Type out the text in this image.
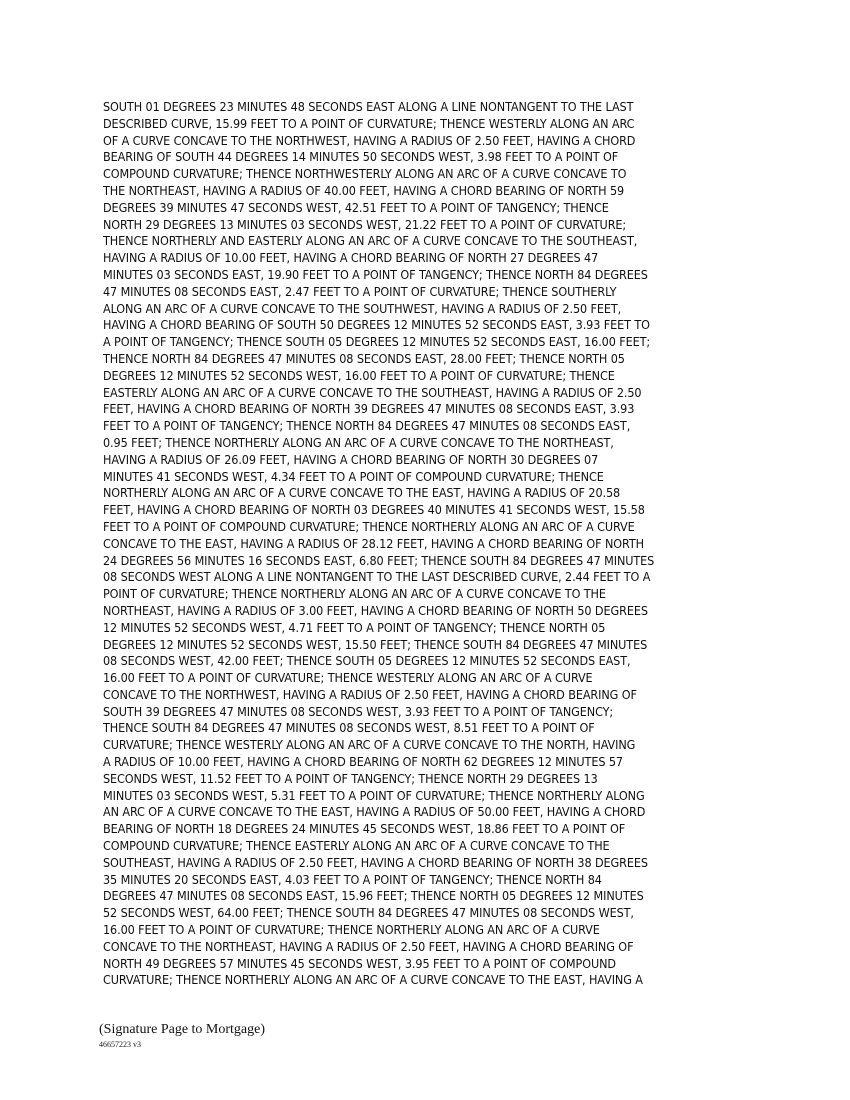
SOUTH 01 DEGREES 23 MINUTES 48 SECONDS EAST ALONG A LINE NONTANGENT TO THE LAST
DESCRIBED CURVE, 15.99 FEET TO A POINT OF CURVATURE; THENCE WESTERLY ALONG AN ARC
OF A CURVE CONCAVE TO THE NORTHWEST, HAVING A RADIUS OF 2.50 FEET, HAVING A CHORD
BEARING OF SOUTH 44 DEGREES 14 MINUTES 50 SECONDS WEST, 3.98 FEET TO A POINT OF
COMPOUND CURVATURE; THENCE NORTHWESTERLY ALONG AN ARC OF A CURVE CONCAVE TO
THE NORTHEAST, HAVING A RADIUS OF 40.00 FEET, HAVING A CHORD BEARING OF NORTH 59
DEGREES 39 MINUTES 47 SECONDS WEST, 42.51 FEET TO A POINT OF TANGENCY; THENCE
NORTH 29 DEGREES 13 MINUTES 03 SECONDS WEST, 21.22 FEET TO A POINT OF CURVATURE;
THENCE NORTHERLY AND EASTERLY ALONG AN ARC OF A CURVE CONCAVE TO THE SOUTHEAST,
HAVING A RADIUS OF 10.00 FEET, HAVING A CHORD BEARING OF NORTH 27 DEGREES 47
MINUTES 03 SECONDS EAST, 19.90 FEET TO A POINT OF TANGENCY; THENCE NORTH 84 DEGREES
47 MINUTES 08 SECONDS EAST, 2.47 FEET TO A POINT OF CURVATURE; THENCE SOUTHERLY
ALONG AN ARC OF A CURVE CONCAVE TO THE SOUTHWEST, HAVING A RADIUS OF 2.50 FEET,
HAVING A CHORD BEARING OF SOUTH 50 DEGREES 12 MINUTES 52 SECONDS EAST, 3.93 FEET TO
A POINT OF TANGENCY; THENCE SOUTH 05 DEGREES 12 MINUTES 52 SECONDS EAST, 16.00 FEET;
THENCE NORTH 84 DEGREES 47 MINUTES 08 SECONDS EAST, 28.00 FEET; THENCE NORTH 05
DEGREES 12 MINUTES 52 SECONDS WEST, 16.00 FEET TO A POINT OF CURVATURE; THENCE
EASTERLY ALONG AN ARC OF A CURVE CONCAVE TO THE SOUTHEAST, HAVING A RADIUS OF 2.50
FEET, HAVING A CHORD BEARING OF NORTH 39 DEGREES 47 MINUTES 08 SECONDS EAST, 3.93
FEET TO A POINT OF TANGENCY; THENCE NORTH 84 DEGREES 47 MINUTES 08 SECONDS EAST,
0.95 FEET; THENCE NORTHERLY ALONG AN ARC OF A CURVE CONCAVE TO THE NORTHEAST,
HAVING A RADIUS OF 26.09 FEET, HAVING A CHORD BEARING OF NORTH 30 DEGREES 07
MINUTES 41 SECONDS WEST, 4.34 FEET TO A POINT OF COMPOUND CURVATURE; THENCE
NORTHERLY ALONG AN ARC OF A CURVE CONCAVE TO THE EAST, HAVING A RADIUS OF 20.58
FEET, HAVING A CHORD BEARING OF NORTH 03 DEGREES 40 MINUTES 41 SECONDS WEST, 15.58
FEET TO A POINT OF COMPOUND CURVATURE; THENCE NORTHERLY ALONG AN ARC OF A CURVE
CONCAVE TO THE EAST, HAVING A RADIUS OF 28.12 FEET, HAVING A CHORD BEARING OF NORTH
24 DEGREES 56 MINUTES 16 SECONDS EAST, 6.80 FEET; THENCE SOUTH 84 DEGREES 47 MINUTES
08 SECONDS WEST ALONG A LINE NONTANGENT TO THE LAST DESCRIBED CURVE, 2.44 FEET TO A
POINT OF CURVATURE; THENCE NORTHERLY ALONG AN ARC OF A CURVE CONCAVE TO THE
NORTHEAST, HAVING A RADIUS OF 3.00 FEET, HAVING A CHORD BEARING OF NORTH 50 DEGREES
12 MINUTES 52 SECONDS WEST, 4.71 FEET TO A POINT OF TANGENCY; THENCE NORTH 05
DEGREES 12 MINUTES 52 SECONDS WEST, 15.50 FEET; THENCE SOUTH 84 DEGREES 47 MINUTES
08 SECONDS WEST, 42.00 FEET; THENCE SOUTH 05 DEGREES 12 MINUTES 52 SECONDS EAST,
16.00 FEET TO A POINT OF CURVATURE; THENCE WESTERLY ALONG AN ARC OF A CURVE
CONCAVE TO THE NORTHWEST, HAVING A RADIUS OF 2.50 FEET, HAVING A CHORD BEARING OF
SOUTH 39 DEGREES 47 MINUTES 08 SECONDS WEST, 3.93 FEET TO A POINT OF TANGENCY;
THENCE SOUTH 84 DEGREES 47 MINUTES 08 SECONDS WEST, 8.51 FEET TO A POINT OF
CURVATURE; THENCE WESTERLY ALONG AN ARC OF A CURVE CONCAVE TO THE NORTH, HAVING
A RADIUS OF 10.00 FEET, HAVING A CHORD BEARING OF NORTH 62 DEGREES 12 MINUTES 57
SECONDS WEST, 11.52 FEET TO A POINT OF TANGENCY; THENCE NORTH 29 DEGREES 13
MINUTES 03 SECONDS WEST, 5.31 FEET TO A POINT OF CURVATURE; THENCE NORTHERLY ALONG
AN ARC OF A CURVE CONCAVE TO THE EAST, HAVING A RADIUS OF 50.00 FEET, HAVING A CHORD
BEARING OF NORTH 18 DEGREES 24 MINUTES 45 SECONDS WEST, 18.86 FEET TO A POINT OF
COMPOUND CURVATURE; THENCE EASTERLY ALONG AN ARC OF A CURVE CONCAVE TO THE
SOUTHEAST, HAVING A RADIUS OF 2.50 FEET, HAVING A CHORD BEARING OF NORTH 38 DEGREES
35 MINUTES 20 SECONDS EAST, 4.03 FEET TO A POINT OF TANGENCY; THENCE NORTH 84
DEGREES 47 MINUTES 08 SECONDS EAST, 15.96 FEET; THENCE NORTH 05 DEGREES 12 MINUTES
52 SECONDS WEST, 64.00 FEET; THENCE SOUTH 84 DEGREES 47 MINUTES 08 SECONDS WEST,
16.00 FEET TO A POINT OF CURVATURE; THENCE NORTHERLY ALONG AN ARC OF A CURVE
CONCAVE TO THE NORTHEAST, HAVING A RADIUS OF 2.50 FEET, HAVING A CHORD BEARING OF
NORTH 49 DEGREES 57 MINUTES 45 SECONDS WEST, 3.95 FEET TO A POINT OF COMPOUND
CURVATURE; THENCE NORTHERLY ALONG AN ARC OF A CURVE CONCAVE TO THE EAST, HAVING A

(Signature Page to Mortgage)
46657223 v3
